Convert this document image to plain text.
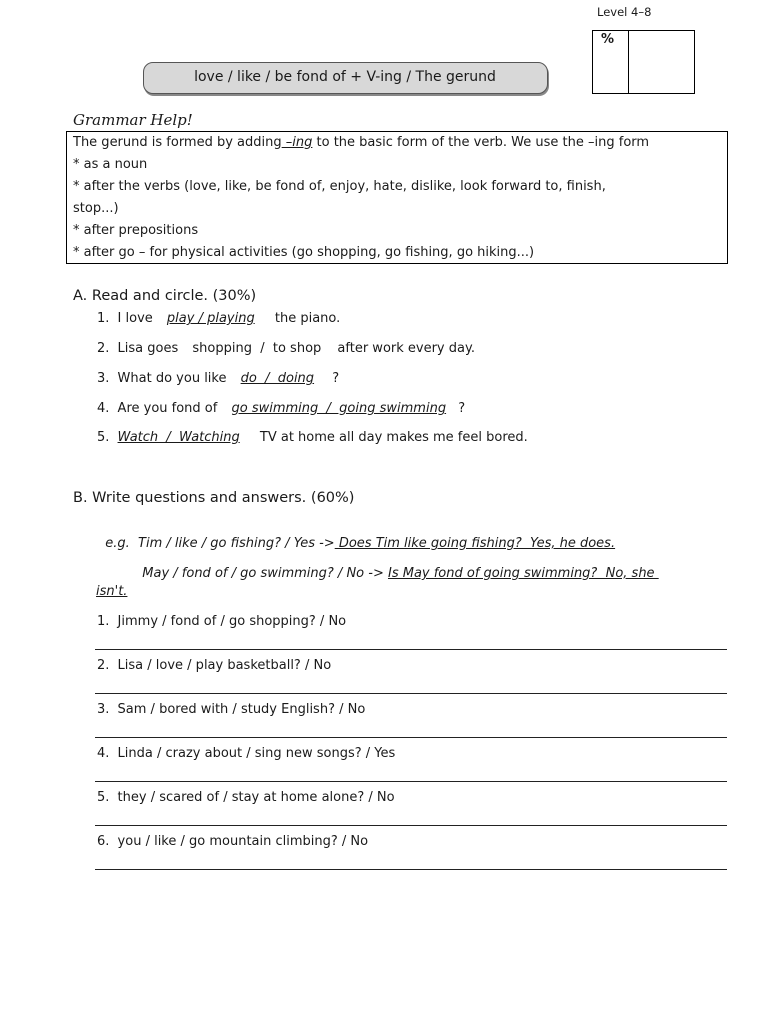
Level 4–8
%
love / like / be fond of + V-ing / The gerund
Grammar Help!
The gerund is formed by adding –ing to the basic form of the verb. We use the –ing form
* as a noun
* after the verbs (love, like, be fond of, enjoy, hate, dislike, look forward to, finish,
stop...)
* after prepositions
* after go – for physical activities (go shopping, go fishing, go hiking...)
A. Read and circle. (30%)
1. I love play / playing the piano.
2. Lisa goes shopping  /  to shop after work every day.
3. What do you like do  /  doing ?
4. Are you fond of go swimming  /  going swimming ?
5. Watch  /  Watching TV at home all day makes me feel bored.
B. Write questions and answers. (60%)

e.g.  Tim / like / go fishing? / Yes -> Does Tim like going fishing?  Yes, he does.

May / fond of / go swimming? / No -> Is May fond of going swimming?  No, she

isn't.
1. Jimmy / fond of / go shopping? / No
2. Lisa / love / play basketball? / No
3. Sam / bored with / study English? / No
4. Linda / crazy about / sing new songs? / Yes
5. they / scared of / stay at home alone? / No
6. you / like / go mountain climbing? / No
